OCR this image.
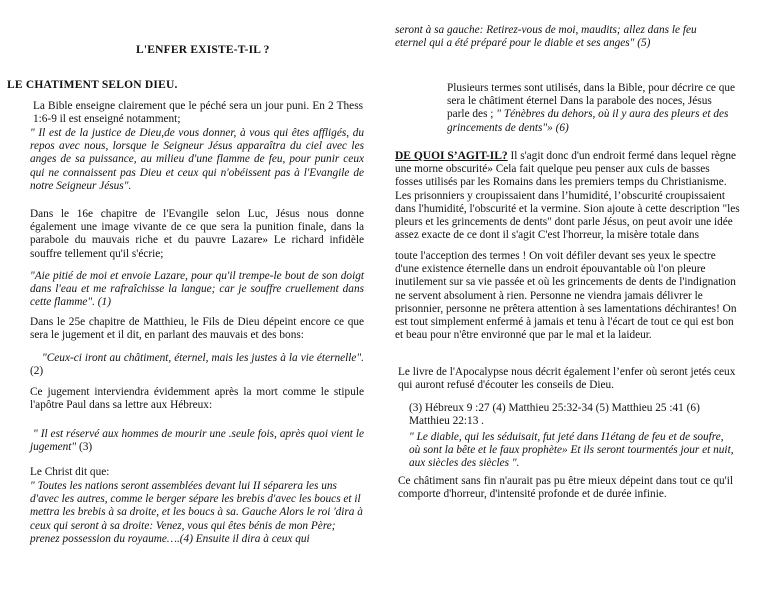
L'ENFER EXISTE-T-IL ?
LE CHATIMENT SELON DIEU.

La Bible enseigne clairement que le péché sera un jour puni. En 2 Thess 1:6-9 il est enseigné notamment;

" Il est de la justice de Dieu,de vous donner, à vous qui êtes affligés, du repos avec nous, lorsque le Seigneur Jésus apparaîtra du ciel avec les anges de sa puissance, au milieu d'une flamme de feu, pour punir ceux qui ne connaissent pas Dieu et ceux qui n'obéissent pas à l'Evangile de notre Seigneur Jésus".

Dans le 16e chapitre de l'Evangile selon Luc, Jésus nous donne également une image vivante de ce que sera la punition finale, dans la parabole du mauvais riche et du pauvre Lazare» Le richard infidèle souffre tellement qu'il s'écrie;

"Aie pitié de moi et envoie Lazare, pour qu'il trempe-le bout de son doigt dans l'eau et me rafraîchisse la langue; car je souffre cruellement dans cette flamme". (1)

Dans le 25e chapitre de Matthieu, le Fils de Dieu dépeint encore ce que sera le jugement et il dit, en parlant des mauvais et des bons:

"Ceux-ci iront au châtiment, éternel, mais les justes à la vie éternelle". (2)

Ce jugement interviendra évidemment après la mort comme le stipule l'apôtre Paul dans sa lettre aux Hébreux:

" Il est réservé aux hommes de mourir une .seule fois, après quoi vient le jugement" (3)

Le Christ dit que:

" Toutes les nations seront assemblées devant lui II séparera les uns d'avec les autres, comme le berger sépare les brebis d'avec les boucs et il mettra les brebis à sa droite, et les boucs à sa. Gauche Alors le roi 'dira à ceux qui seront à sa droite: Venez, vous qui êtes bénis de mon Père; prenez possession du royaume….(4) Ensuite il dira à ceux qui

seront à sa gauche: Retirez-vous de moi, maudits; allez dans le feu eternel qui a été préparé pour le diable et ses anges" (5)

Plusieurs termes sont utilisés, dans la Bible, pour décrire ce que sera le châtiment éternel Dans la parabole des noces, Jésus parle des ; " Ténèbres du dehors, où il y aura des pleurs et des grincements de dents"» (6)

DE QUOI S’AGIT-IL? Il s'agit donc d'un endroit fermé dans lequel règne une morne obscurité» Cela fait quelque peu penser aux culs de basses fosses utilisés par les Romains dans les premiers temps du Christianisme. Les prisonniers y croupissaient dans l’humidité, l’obscurité croupissaient dans l'humidité, l'obscurité et la vermine. Sion ajoute à cette description "les pleurs et les grincements de dents" dont parle Jésus, on peut avoir une idée assez exacte de ce dont il s'agit C'est l'horreur, la misère totale dans

toute l'acception des termes ! On voit défiler devant ses yeux le spectre d'une existence éternelle dans un endroit épouvantable où l'on pleure inutilement sur sa vie passée et où les grincements de dents de l'indignation ne servent absolument à rien. Personne ne viendra jamais délivrer le prisonnier, personne ne prêtera attention à ses lamentations déchirantes! On est tout simplement enfermé à jamais et tenu à l'écart de tout ce qui est bon et beau pour n'être environné que par le mal et la laideur.

Le livre de l'Apocalypse nous décrit également l’enfer où seront jetés ceux qui auront refusé d'écouter les conseils de Dieu.

(3) Hébreux 9 :27 (4) Matthieu 25:32-34 (5) Matthieu 25 :41 (6) Matthieu 22:13 .

" Le diable, qui les séduisait, fut jeté dans I1étang de feu et de soufre, où sont la bête et le faux prophète» Et ils seront tourmentés jour et nuit, aux siècles des siècles ".

Ce châtiment sans fin n'aurait pas pu être mieux dépeint dans tout ce qu'il comporte d'horreur, d'intensité profonde et de durée infinie.
